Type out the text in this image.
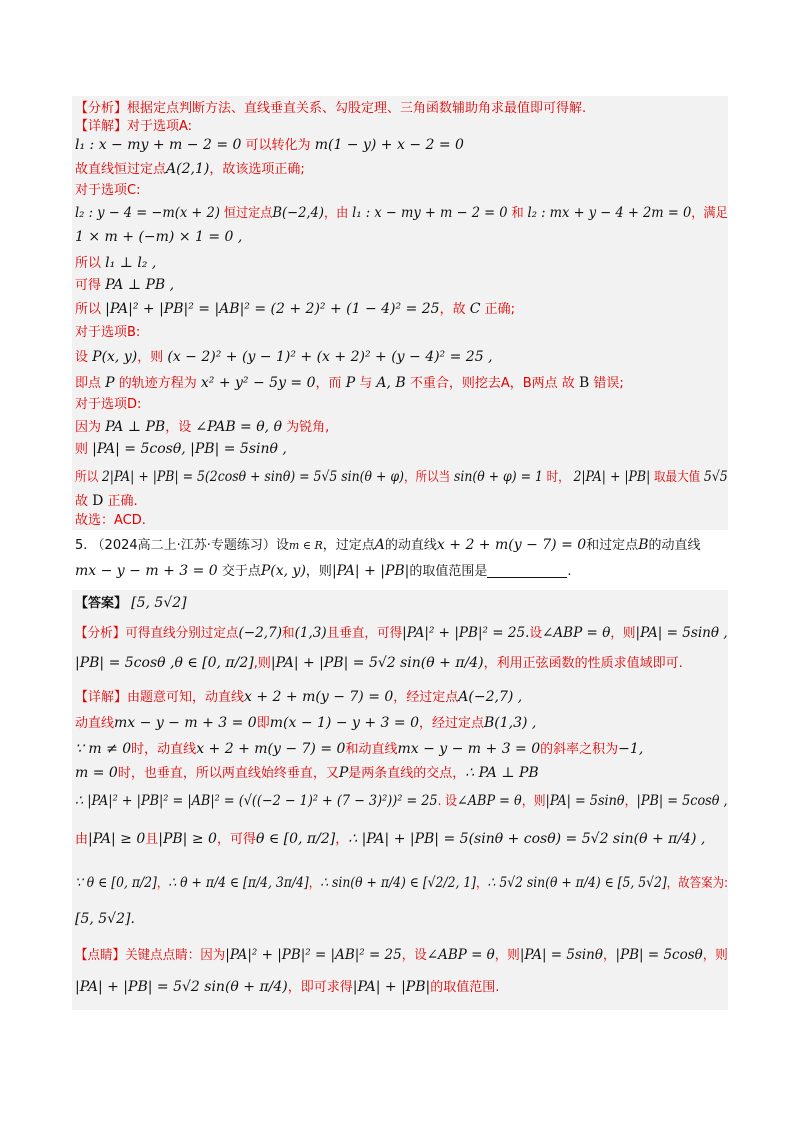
【分析】根据定点判断方法、直线垂直关系、勾股定理、三角函数辅助角求最值即可得解.
【详解】对于选项A:
l₁ : x − my + m − 2 = 0 可以转化为 m(1 − y) + x − 2 = 0
故直线恒过定点A(2,1)，故该选项正确;
对于选项C:
l₂ : y − 4 = −m(x + 2) 恒过定点B(−2,4)，由 l₁ : x − my + m − 2 = 0 和 l₂ : mx + y − 4 + 2m = 0，满足
1 × m + (−m) × 1 = 0 ,
所以 l₁ ⊥ l₂ ,
可得 PA ⊥ PB ,
所以 |PA|² + |PB|² = |AB|² = (2 + 2)² + (1 − 4)² = 25，故 C 正确;
对于选项B:
设 P(x, y)，则 (x − 2)² + (y − 1)² + (x + 2)² + (y − 4)² = 25 ,
即点 P 的轨迹方程为 x² + y² − 5y = 0，而 P 与 A, B 不重合，则挖去A，B两点 故 B 错误;
对于选项D:
因为 PA ⊥ PB，设 ∠PAB = θ, θ 为锐角,
则 |PA| = 5cosθ, |PB| = 5sinθ ,
所以 2|PA| + |PB| = 5(2cosθ + sinθ) = 5√5 sin(θ + φ)，所以当 sin(θ + φ) = 1 时， 2|PA| + |PB| 取最大值 5√5
故 D 正确.
故选：ACD.
5. （2024高二上·江苏·专题练习）设m ∈ R，过定点A的动直线x + 2 + m(y − 7) = 0和过定点B的动直线
mx − y − m + 3 = 0 交于点P(x, y)，则|PA| + |PB|的取值范围是	.
【答案】 [5, 5√2]
【分析】可得直线分别过定点(−2,7)和(1,3)且垂直，可得|PA|² + |PB|² = 25.设∠ABP = θ，则|PA| = 5sinθ ,
|PB| = 5cosθ ,θ ∈ [0, π/2],则|PA| + |PB| = 5√2 sin(θ + π/4)，利用正弦函数的性质求值域即可.
【详解】由题意可知，动直线x + 2 + m(y − 7) = 0，经过定点A(−2,7) ,
动直线mx − y − m + 3 = 0即m(x − 1) − y + 3 = 0，经过定点B(1,3) ,
∵ m ≠ 0时，动直线x + 2 + m(y − 7) = 0和动直线mx − y − m + 3 = 0的斜率之积为−1,
m = 0时，也垂直，所以两直线始终垂直，又P是两条直线的交点，∴ PA ⊥ PB
∴ |PA|² + |PB|² = |AB|² = (√((−2 − 1)² + (7 − 3)²))² = 25. 设∠ABP = θ，则|PA| = 5sinθ，|PB| = 5cosθ ,
由|PA| ≥ 0且|PB| ≥ 0，可得θ ∈ [0, π/2]，∴ |PA| + |PB| = 5(sinθ + cosθ) = 5√2 sin(θ + π/4) ,
∵ θ ∈ [0, π/2]，∴ θ + π/4 ∈ [π/4, 3π/4]，∴ sin(θ + π/4) ∈ [√2/2, 1]，∴ 5√2 sin(θ + π/4) ∈ [5, 5√2]，故答案为:
[5, 5√2].
【点睛】关键点点睛：因为|PA|² + |PB|² = |AB|² = 25，设∠ABP = θ，则|PA| = 5sinθ，|PB| = 5cosθ，则
|PA| + |PB| = 5√2 sin(θ + π/4)，即可求得|PA| + |PB|的取值范围.
